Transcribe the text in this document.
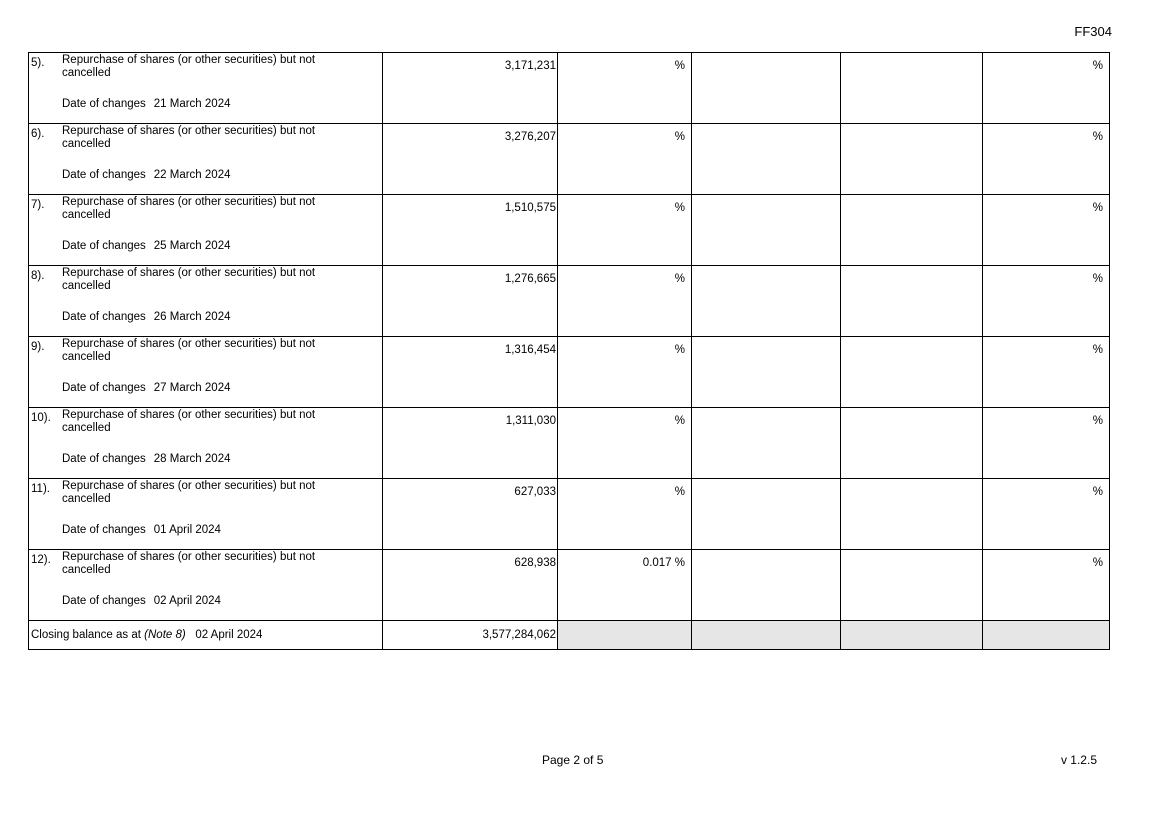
FF304
5). Repurchase of shares (or other securities) but not
cancelled
Date of changes 21 March 2024	3,171,231	%			%

6). Repurchase of shares (or other securities) but not
cancelled
Date of changes 22 March 2024	3,276,207	%			%

7). Repurchase of shares (or other securities) but not
cancelled
Date of changes 25 March 2024	1,510,575	%			%

8). Repurchase of shares (or other securities) but not
cancelled
Date of changes 26 March 2024	1,276,665	%			%

9). Repurchase of shares (or other securities) but not
cancelled
Date of changes 27 March 2024	1,316,454	%			%

10). Repurchase of shares (or other securities) but not
cancelled
Date of changes 28 March 2024	1,311,030	%			%

11). Repurchase of shares (or other securities) but not
cancelled
Date of changes 01 April 2024	627,033	%			%

12). Repurchase of shares (or other securities) but not
cancelled
Date of changes 02 April 2024	628,938	0.017 %			%
Closing balance as at (Note 8) 02 April 2024	3,577,284,062				
Page 2 of 5	v 1.2.5
